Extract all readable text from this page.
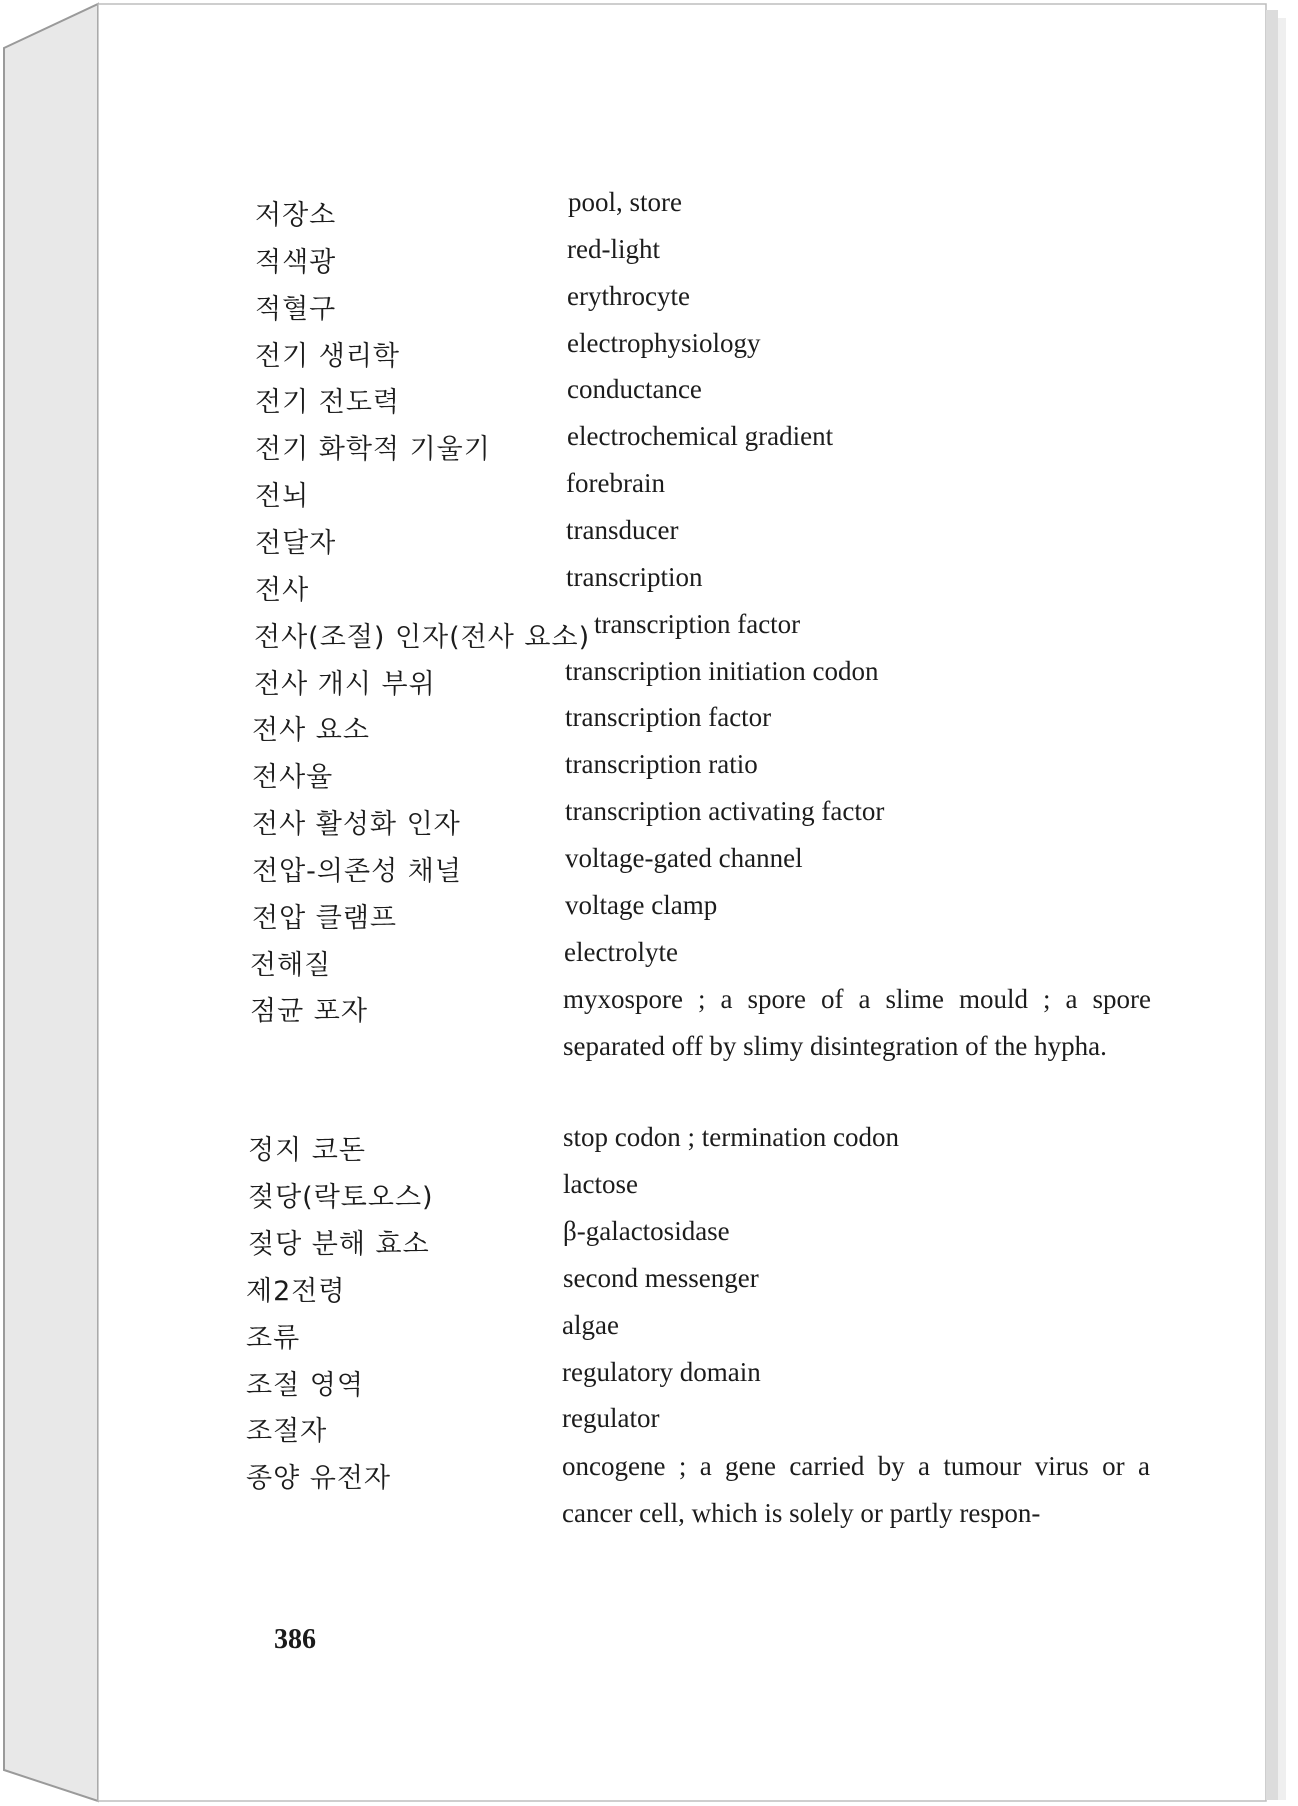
저장소	pool, store
적색광	red-light
적혈구	erythrocyte
전기 생리학	electrophysiology
전기 전도력	conductance
전기 화학적 기울기	electrochemical gradient
전뇌	forebrain
전달자	transducer
전사	transcription
전사(조절) 인자(전사 요소) transcription factor
전사 개시 부위	transcription initiation codon
전사 요소	transcription factor
전사율	transcription ratio
전사 활성화 인자	transcription activating factor
전압-의존성 채널	voltage-gated channel
전압 클램프	voltage clamp
전해질	electrolyte
점균 포자	myxospore ; a spore of a slime mould ; a spore separated off by slimy disintegration of the hypha.
정지 코돈	stop codon ; termination codon
젖당(락토오스)	lactose
젖당 분해 효소	β-galactosidase
제2전령	second messenger
조류	algae
조절 영역	regulatory domain
조절자	regulator
종양 유전자	oncogene ; a gene carried by a tumour virus or a cancer cell, which is solely or partly respon-
386
